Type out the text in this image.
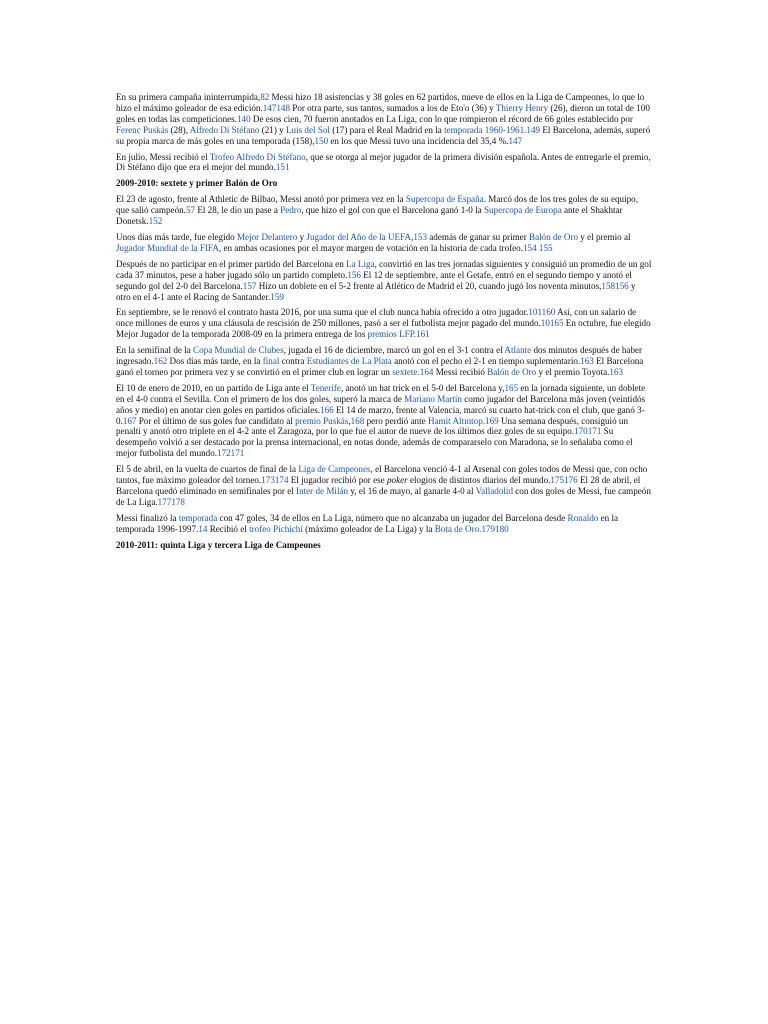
En su primera campaña ininterrumpida,82 Messi hizo 18 asistencias y 38 goles en 62 partidos, nueve de ellos en la Liga de Campeones, lo que lo hizo el máximo goleador de esa edición.147148 Por otra parte, sus tantos, sumados a los de Eto'o (36) y Thierry Henry (26), dieron un total de 100 goles en todas las competiciones.140 De esos cien, 70 fueron anotados en La Liga, con lo que rompieron el récord de 66 goles establecido por Ferenc Puskás (28), Alfredo Di Stéfano (21) y Luis del Sol (17) para el Real Madrid en la temporada 1960-1961.149 El Barcelona, además, superó su propia marca de más goles en una temporada (158),150 en los que Messi tuvo una incidencia del 35,4 %.147

En julio, Messi recibió el Trofeo Alfredo Di Stéfano, que se otorga al mejor jugador de la primera división española. Antes de entregarle el premio, Di Stéfano dijo que era el mejor del mundo.151

2009-2010: sextete y primer Balón de Oro

El 23 de agosto, frente al Athletic de Bilbao, Messi anotó por primera vez en la Supercopa de España. Marcó dos de los tres goles de su equipo, que salió campeón.57 El 28, le dio un pase a Pedro, que hizo el gol con que el Barcelona ganó 1-0 la Supercopa de Europa ante el Shakhtar Donetsk.152

Unos días más tarde, fue elegido Mejor Delantero y Jugador del Año de la UEFA,153 además de ganar su primer Balón de Oro y el premio al Jugador Mundial de la FIFA, en ambas ocasiones por el mayor margen de votación en la historia de cada trofeo.154 155

Después de no participar en el primer partido del Barcelona en La Liga, convirtió en las tres jornadas siguientes y consiguió un promedio de un gol cada 37 minutos, pese a haber jugado sólo un partido completo.156 El 12 de septiembre, ante el Getafe, entró en el segundo tiempo y anotó el segundo gol del 2-0 del Barcelona.157 Hizo un doblete en el 5-2 frente al Atlético de Madrid el 20, cuando jugó los noventa minutos,158156 y otro en el 4-1 ante el Racing de Santander.159

En septiembre, se le renovó el contrato hasta 2016, por una suma que el club nunca había ofrecido a otro jugador.101160 Así, con un salario de once millones de euros y una cláusula de rescisión de 250 millones, pasó a ser el futbolista mejor pagado del mundo.10165 En octubre, fue elegido Mejor Jugador de la temporada 2008-09 en la primera entrega de los premios LFP.161

En la semifinal de la Copa Mundial de Clubes, jugada el 16 de diciembre, marcó un gol en el 3-1 contra el Atlante dos minutos después de haber ingresado.162 Dos días más tarde, en la final contra Estudiantes de La Plata anotó con el pecho el 2-1 en tiempo suplementario.163 El Barcelona ganó el torneo por primera vez y se convirtió en el primer club en lograr un sextete.164 Messi recibió Balón de Oro y el premio Toyota.163

El 10 de enero de 2010, en un partido de Liga ante el Tenerife, anotó un hat trick en el 5-0 del Barcelona y,165 en la jornada siguiente, un doblete en el 4-0 contra el Sevilla. Con el primero de los dos goles, superó la marca de Mariano Martín como jugador del Barcelona más joven (veintidós años y medio) en anotar cien goles en partidos oficiales.166 El 14 de marzo, frente al Valencia, marcó su cuarto hat-trick con el club, que ganó 3-0.167 Por el último de sus goles fue candidato al premio Puskás,168 pero perdió ante Hamit Altıntop.169 Una semana después, consiguió un penalti y anotó otro triplete en el 4-2 ante el Zaragoza, por lo que fue el autor de nueve de los últimos diez goles de su equipo.170171 Su desempeño volvió a ser destacado por la prensa internacional, en notas donde, además de compararselo con Maradona, se lo señalaba como el mejor futbolista del mundo.172171

El 5 de abril, en la vuelta de cuartos de final de la Liga de Campeones, el Barcelona venció 4-1 al Arsenal con goles todos de Messi que, con ocho tantos, fue máximo goleador del torneo.173174 El jugador recibió por ese poker elogios de distintos diarios del mundo.175176 El 28 de abril, el Barcelona quedó eliminado en semifinales por el Inter de Milán y, el 16 de mayo, al ganarle 4-0 al Valladolid con dos goles de Messi, fue campeón de La Liga.177178

Messi finalizó la temporada con 47 goles, 34 de ellos en La Liga, número que no alcanzaba un jugador del Barcelona desde Ronaldo en la temporada 1996-1997.14 Recibió el trofeo Pichichi (máximo goleador de La Liga) y la Bota de Oro.179180

2010-2011: quinta Liga y tercera Liga de Campeones
